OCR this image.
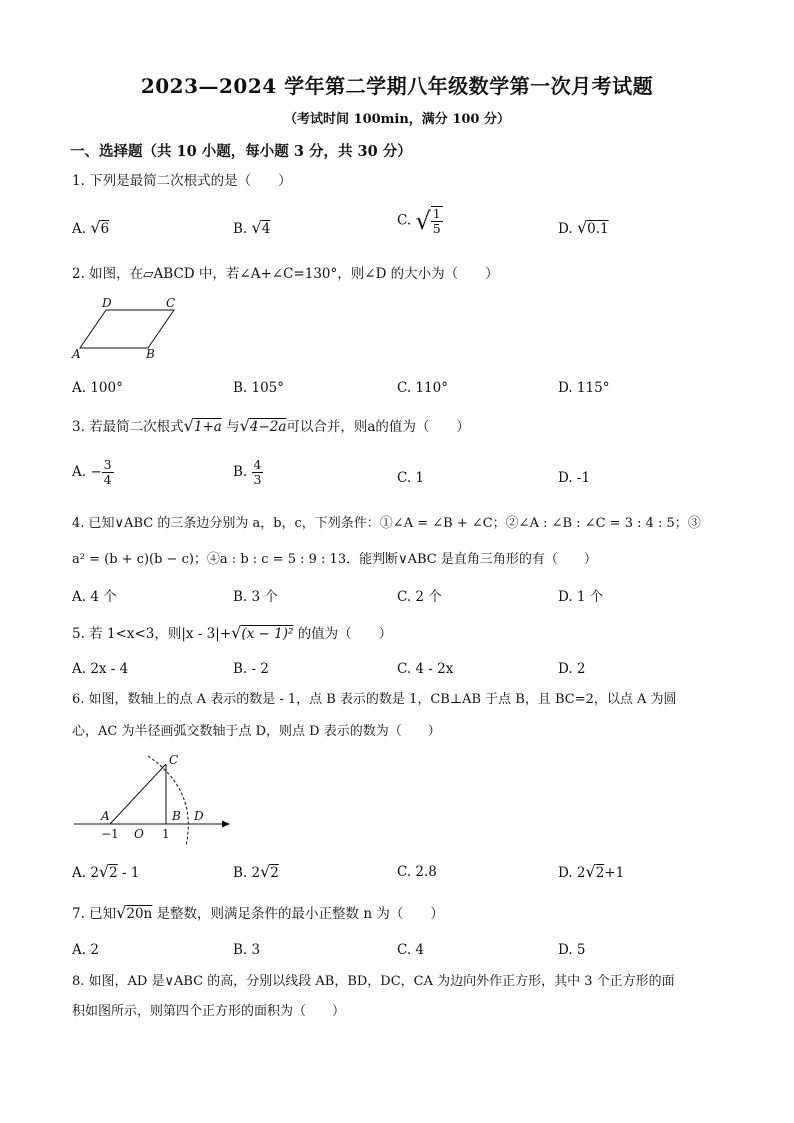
2023—2024 学年第二学期八年级数学第一次月考试题
（考试时间 100min，满分 100 分）
一、选择题（共 10 小题，每小题 3 分，共 30 分）
1. 下列是最简二次根式的是（　　）
A. √6	B. √4
C. √ $\frac{1}{5}$	D. √0.1
2. 如图，在▱ABCD 中，若∠A+∠C=130°，则∠D 的大小为（　　）
D	C
A	B
A. 100°	B. 105°	C. 110°	D. 115°
3. 若最简二次根式√1+a 与√4−2a可以合并，则a的值为（　　）
A. − $\frac{3}{4}$	B. $\frac{4}{3}$	C. 1	D. -1
4. 已知∨ABC 的三条边分别为 a，b，c，下列条件：①∠A = ∠B + ∠C；②∠A : ∠B : ∠C = 3 : 4 : 5；③
a² = (b + c)(b − c)；④a : b : c = 5 : 9 : 13．能判断∨ABC 是直角三角形的有（　　）
A. 4 个	B. 3 个	C. 2 个	D. 1 个
5. 若 1<x<3，则|x - 3|+√(x − 1)² 的值为（　　）
A. 2x - 4	B. - 2	C. 4 - 2x	D. 2
6. 如图，数轴上的点 A 表示的数是 - 1，点 B 表示的数是 1，CB⊥AB 于点 B，且 BC=2，以点 A 为圆
心，AC 为半径画弧交数轴于点 D，则点 D 表示的数为（　　）
C
A	B D
−1 O 1
A. 2√2 - 1	B. 2√2	C. 2.8	D. 2√2+1
7. 已知√20n 是整数，则满足条件的最小正整数 n 为（　　）
A. 2	B. 3	C. 4	D. 5
8. 如图，AD 是∨ABC 的高，分别以线段 AB，BD，DC，CA 为边向外作正方形，其中 3 个正方形的面
积如图所示，则第四个正方形的面积为（　　）
